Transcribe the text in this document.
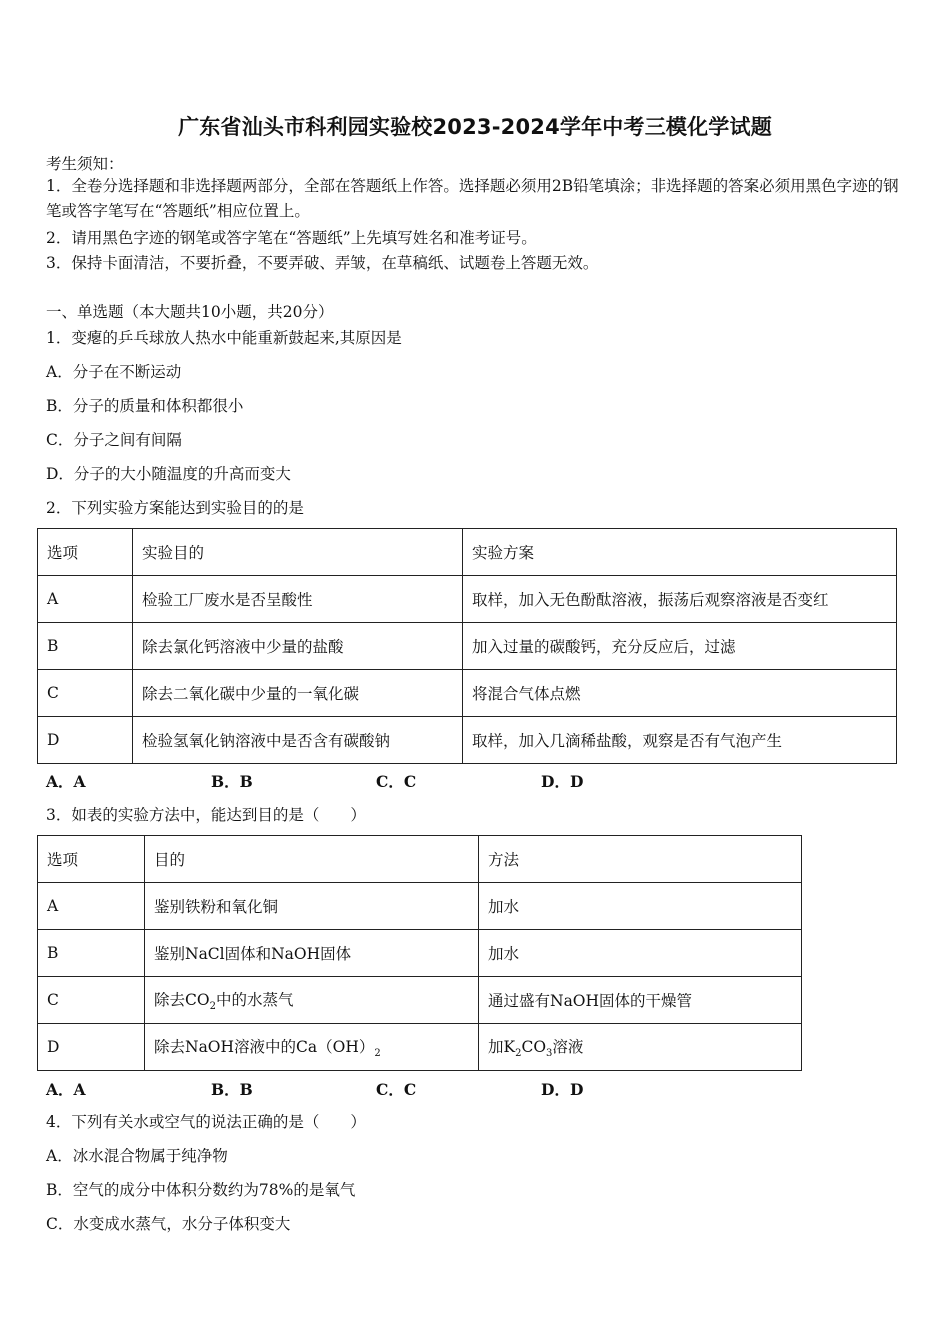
广东省汕头市科利园实验校2023-2024学年中考三模化学试题
考生须知：
1．全卷分选择题和非选择题两部分，全部在答题纸上作答。选择题必须用2B铅笔填涂；非选择题的答案必须用黑色字迹的钢笔或答字笔写在“答题纸”相应位置上。
2．请用黑色字迹的钢笔或答字笔在“答题纸”上先填写姓名和准考证号。
3．保持卡面清洁，不要折叠，不要弄破、弄皱，在草稿纸、试题卷上答题无效。
一、单选题（本大题共10小题，共20分）
1．变瘪的乒乓球放人热水中能重新鼓起来,其原因是
A．分子在不断运动
B．分子的质量和体积都很小
C．分子之间有间隔
D．分子的大小随温度的升高而变大
2．下列实验方案能达到实验目的的是
选项	实验目的	实验方案
A	检验工厂废水是否呈酸性	取样，加入无色酚酞溶液，振荡后观察溶液是否变红
B	除去氯化钙溶液中少量的盐酸	加入过量的碳酸钙，充分反应后，过滤
C	除去二氧化碳中少量的一氧化碳	将混合气体点燃
D	检验氢氧化钠溶液中是否含有碳酸钠	取样，加入几滴稀盐酸，观察是否有气泡产生
A．A	B．B	C．C	D．D
3．如表的实验方法中，能达到目的是（　　）
选项	目的	方法
A	鉴别铁粉和氧化铜	加水
B	鉴别NaCl固体和NaOH固体	加水
C	除去$CO_2$中的水蒸气	通过盛有NaOH固体的干燥管
D	除去NaOH溶液中的$Ca(OH)_2$	加$K_2CO_3$溶液
A．A	B．B	C．C	D．D
4．下列有关水或空气的说法正确的是（　　）
A．冰水混合物属于纯净物
B．空气的成分中体积分数约为78%的是氧气
C．水变成水蒸气，水分子体积变大
